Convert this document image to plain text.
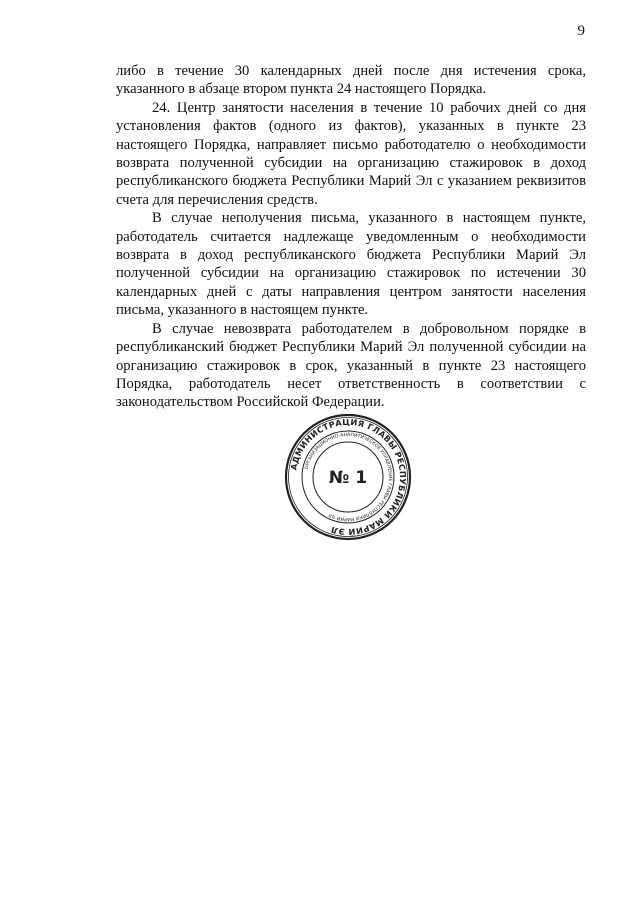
9

либо в течение 30 календарных дней после дня истечения срока, указанного в абзаце втором пункта 24 настоящего Порядка.

24. Центр занятости населения в течение 10 рабочих дней со дня установления фактов (одного из фактов), указанных в пункте 23 настоящего Порядка, направляет письмо работодателю о необходимости возврата полученной субсидии на организацию стажировок в доход республиканского бюджета Республики Марий Эл с указанием реквизитов счета для перечисления средств.

В случае неполучения письма, указанного в настоящем пункте, работодатель считается надлежаще уведомленным о необходимости возврата в доход республиканского бюджета Республики Марий Эл полученной субсидии на организацию стажировок по истечении 30 календарных дней с даты направления центром занятости населения письма, указанного в настоящем пункте.

В случае невозврата работодателем в добровольном порядке в республиканский бюджет Республики Марий Эл полученной субсидии на организацию стажировок в срок, указанный в пункте 23 настоящего Порядка, работодатель несет ответственность в соответствии с законодательством Российской Федерации.

АДМИНИСТРАЦИЯ ГЛАВЫ РЕСПУБЛИКИ МАРИЙ ЭЛ
ОРГАНИЗАЦИОННО-АНАЛИТИЧЕСКОЕ УПРАВЛЕНИЕ ГЛАВЫ РЕСПУБЛИКИ МАРИЙ ЭЛ
№ 1
